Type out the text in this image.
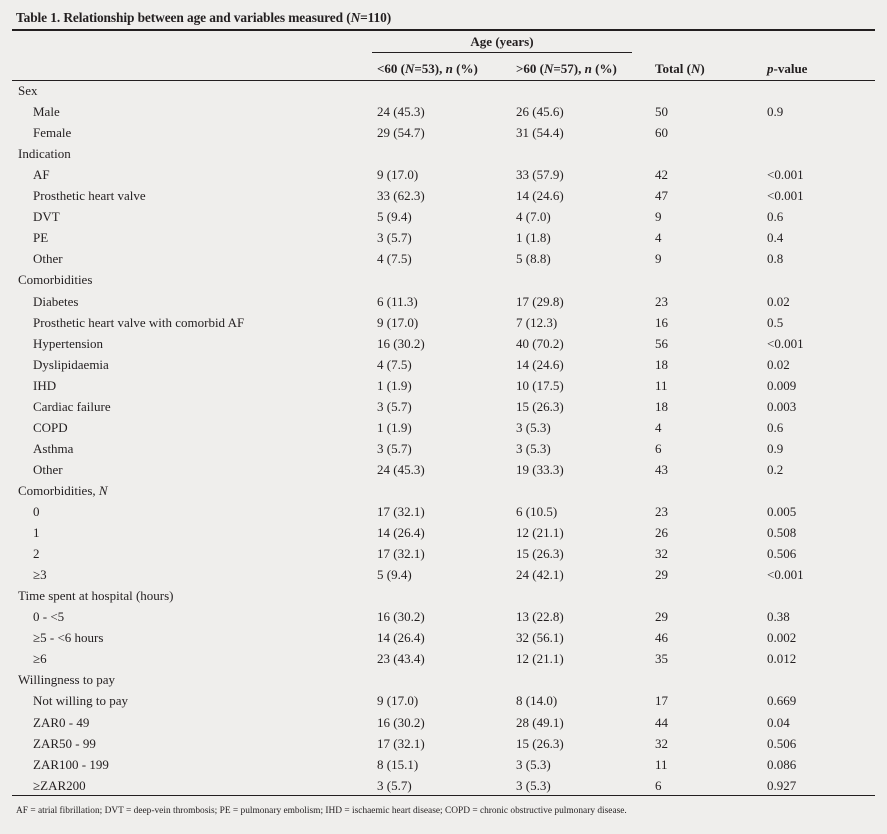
Table 1. Relationship between age and variables measured (N=110)
Age (years)
<60 (N=53), n (%)	>60 (N=57), n (%)	Total (N)	p-value
Sex
Male	24 (45.3)	26 (45.6)	50	0.9
Female	29 (54.7)	31 (54.4)	60
Indication
AF	9 (17.0)	33 (57.9)	42	<0.001
Prosthetic heart valve	33 (62.3)	14 (24.6)	47	<0.001
DVT	5 (9.4)	4 (7.0)	9	0.6
PE	3 (5.7)	1 (1.8)	4	0.4
Other	4 (7.5)	5 (8.8)	9	0.8
Comorbidities
Diabetes	6 (11.3)	17 (29.8)	23	0.02
Prosthetic heart valve with comorbid AF	9 (17.0)	7 (12.3)	16	0.5
Hypertension	16 (30.2)	40 (70.2)	56	<0.001
Dyslipidaemia	4 (7.5)	14 (24.6)	18	0.02
IHD	1 (1.9)	10 (17.5)	11	0.009
Cardiac failure	3 (5.7)	15 (26.3)	18	0.003
COPD	1 (1.9)	3 (5.3)	4	0.6
Asthma	3 (5.7)	3 (5.3)	6	0.9
Other	24 (45.3)	19 (33.3)	43	0.2
Comorbidities, N
0	17 (32.1)	6 (10.5)	23	0.005
1	14 (26.4)	12 (21.1)	26	0.508
2	17 (32.1)	15 (26.3)	32	0.506
≥3	5 (9.4)	24 (42.1)	29	<0.001
Time spent at hospital (hours)
0 - <5	16 (30.2)	13 (22.8)	29	0.38
≥5 - <6 hours	14 (26.4)	32 (56.1)	46	0.002
≥6	23 (43.4)	12 (21.1)	35	0.012
Willingness to pay
Not willing to pay	9 (17.0)	8 (14.0)	17	0.669
ZAR0 - 49	16 (30.2)	28 (49.1)	44	0.04
ZAR50 - 99	17 (32.1)	15 (26.3)	32	0.506
ZAR100 - 199	8 (15.1)	3 (5.3)	11	0.086
≥ZAR200	3 (5.7)	3 (5.3)	6	0.927
AF = atrial fibrillation; DVT = deep-vein thrombosis; PE = pulmonary embolism; IHD = ischaemic heart disease; COPD = chronic obstructive pulmonary disease.
